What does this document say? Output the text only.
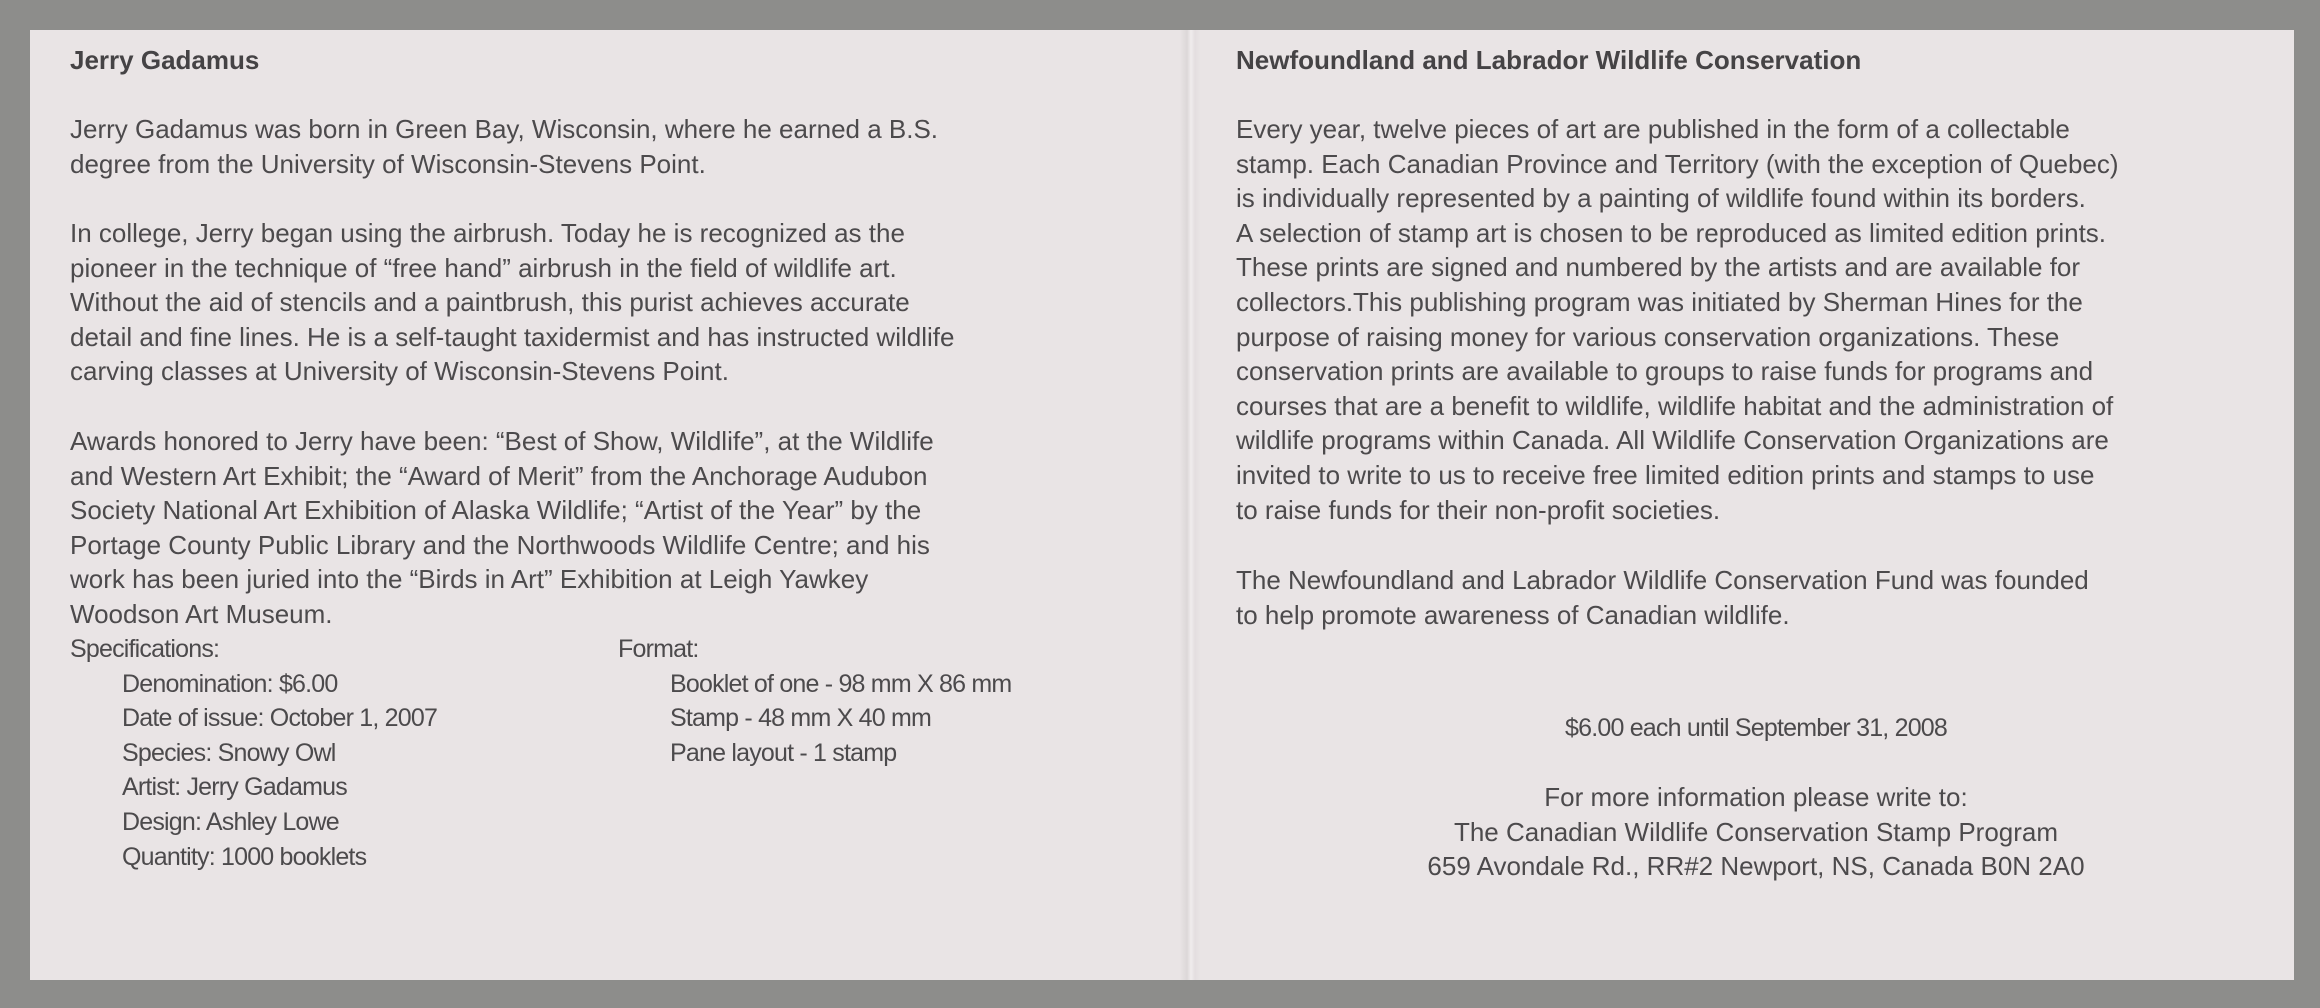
Jerry Gadamus

Jerry Gadamus was born in Green Bay, Wisconsin, where he earned a B.S.
degree from the University of Wisconsin-Stevens Point.

In college, Jerry began using the airbrush. Today he is recognized as the
pioneer in the technique of “free hand” airbrush in the field of wildlife art.
Without the aid of stencils and a paintbrush, this purist achieves accurate
detail and fine lines. He is a self-taught taxidermist and has instructed wildlife
carving classes at University of Wisconsin-Stevens Point.

Awards honored to Jerry have been: “Best of Show, Wildlife”, at the Wildlife
and Western Art Exhibit; the “Award of Merit” from the Anchorage Audubon
Society National Art Exhibition of Alaska Wildlife; “Artist of the Year” by the
Portage County Public Library and the Northwoods Wildlife Centre; and his
work has been juried into the “Birds in Art” Exhibition at Leigh Yawkey
Woodson Art Museum.

Specifications:

Denomination: $6.00
Date of issue: October 1, 2007
Species: Snowy Owl
Artist: Jerry Gadamus
Design: Ashley Lowe
Quantity: 1000 booklets

Format:

Booklet of one - 98 mm X 86 mm
Stamp - 48 mm X 40 mm
Pane layout - 1 stamp
Newfoundland and Labrador Wildlife Conservation

Every year, twelve pieces of art are published in the form of a collectable
stamp. Each Canadian Province and Territory (with the exception of Quebec)
is individually represented by a painting of wildlife found within its borders.
A selection of stamp art is chosen to be reproduced as limited edition prints.
These prints are signed and numbered by the artists and are available for
collectors.This publishing program was initiated by Sherman Hines for the
purpose of raising money for various conservation organizations. These
conservation prints are available to groups to raise funds for programs and
courses that are a benefit to wildlife, wildlife habitat and the administration of
wildlife programs within Canada. All Wildlife Conservation Organizations are
invited to write to us to receive free limited edition prints and stamps to use
to raise funds for their non-profit societies.

The Newfoundland and Labrador Wildlife Conservation Fund was founded
to help promote awareness of Canadian wildlife.

$6.00 each until September 31, 2008

For more information please write to:
The Canadian Wildlife Conservation Stamp Program
659 Avondale Rd., RR#2 Newport, NS, Canada B0N 2A0
